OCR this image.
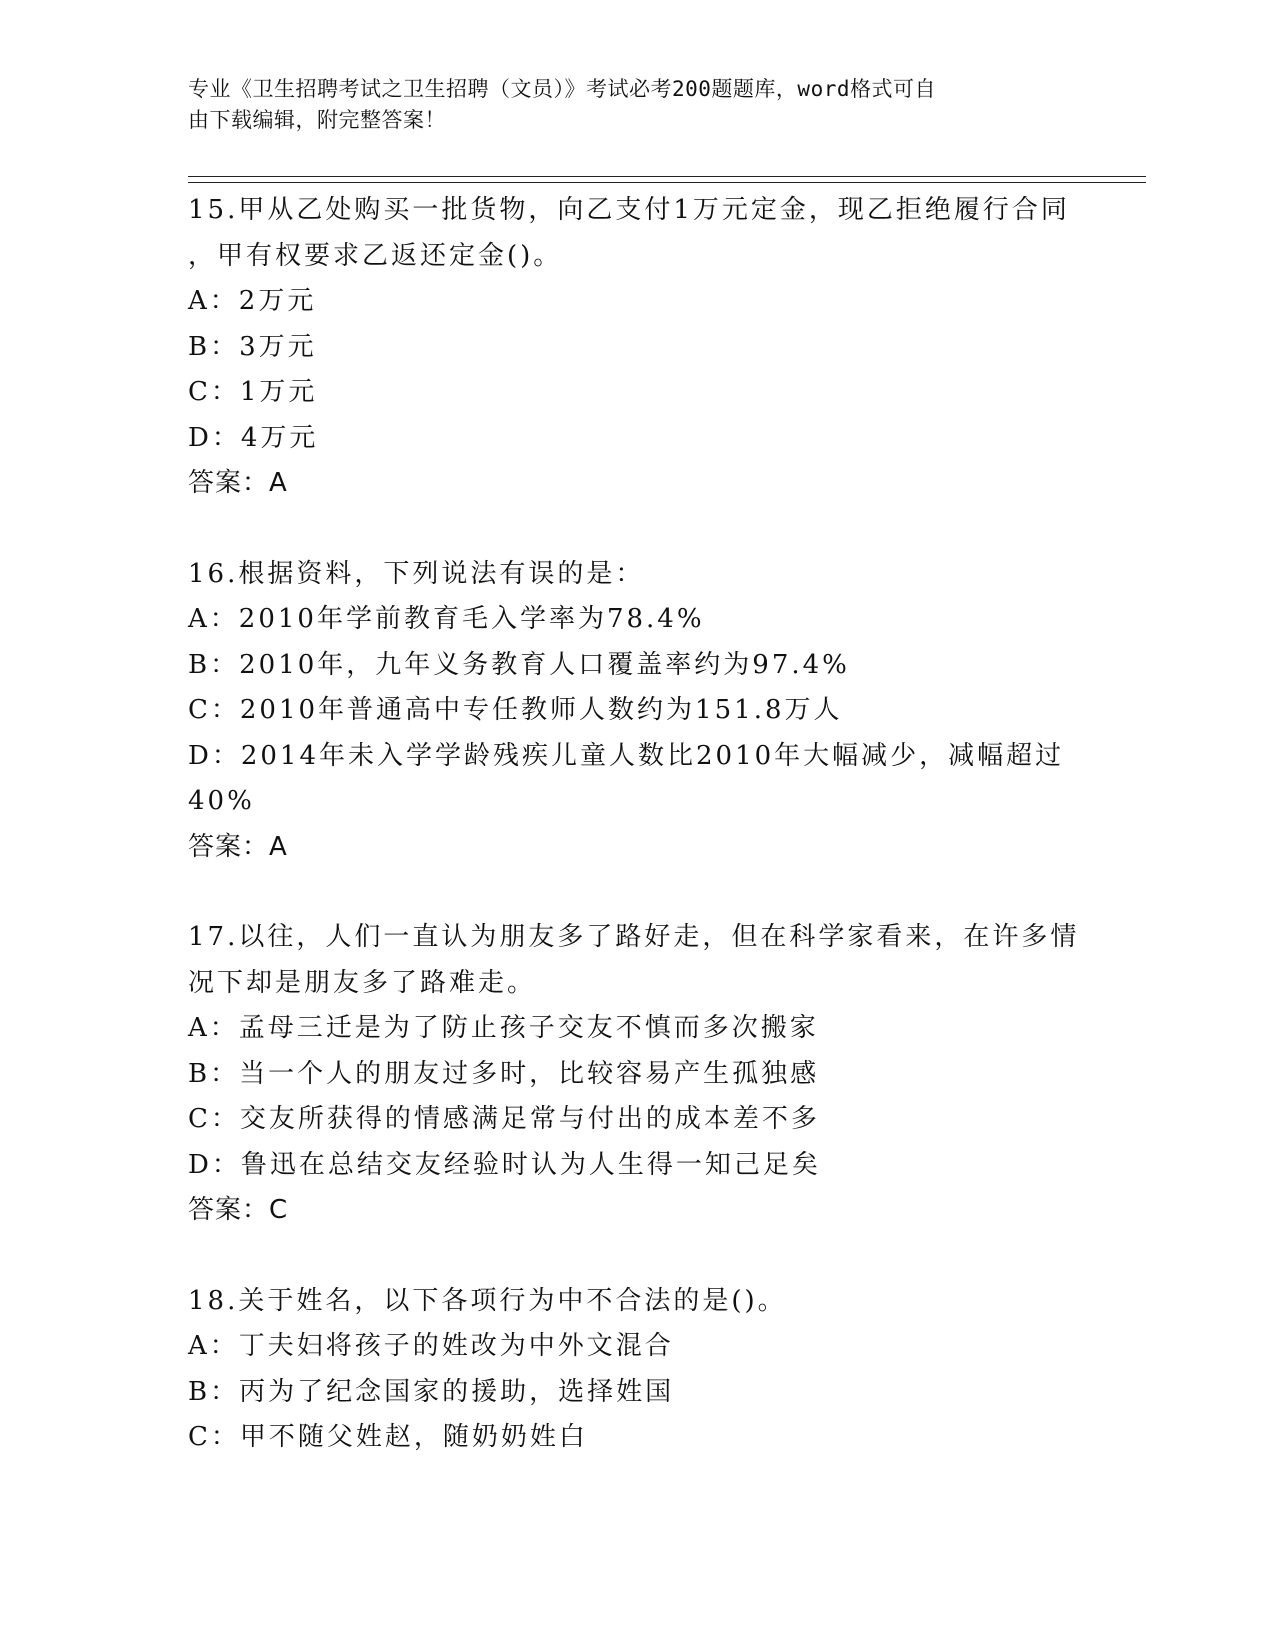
专业《卫生招聘考试之卫生招聘（文员）》考试必考200题题库，word格式可自
由下载编辑，附完整答案！
15.甲从乙处购买一批货物，向乙支付1万元定金，现乙拒绝履行合同
，甲有权要求乙返还定金()。
A：2万元
B：3万元
C：1万元
D：4万元
答案：A
16.根据资料，下列说法有误的是：
A：2010年学前教育毛入学率为78.4%
B：2010年，九年义务教育人口覆盖率约为97.4%
C：2010年普通高中专任教师人数约为151.8万人
D：2014年未入学学龄残疾儿童人数比2010年大幅减少，减幅超过
40%
答案：A
17.以往，人们一直认为朋友多了路好走，但在科学家看来，在许多情
况下却是朋友多了路难走。
A：孟母三迁是为了防止孩子交友不慎而多次搬家
B：当一个人的朋友过多时，比较容易产生孤独感
C：交友所获得的情感满足常与付出的成本差不多
D：鲁迅在总结交友经验时认为人生得一知己足矣
答案：C
18.关于姓名，以下各项行为中不合法的是()。
A：丁夫妇将孩子的姓改为中外文混合
B：丙为了纪念国家的援助，选择姓国
C：甲不随父姓赵，随奶奶姓白
